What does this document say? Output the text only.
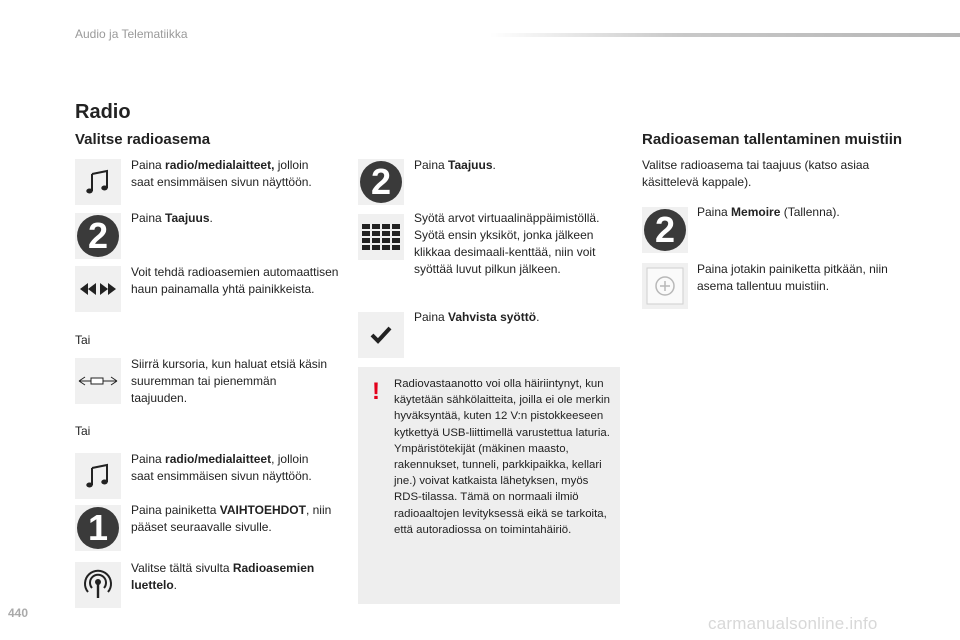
Audio ja Telematiikka
Radio
Valitse radioasema
Paina radio/medialaitteet, jolloin saat ensimmäisen sivun näyttöön.
2 Paina Taajuus.
Voit tehdä radioasemien automaattisen haun painamalla yhtä painikkeista.
Tai
Siirrä kursoria, kun haluat etsiä käsin suuremman tai pienemmän taajuuden.
Tai
Paina radio/medialaitteet, jolloin saat ensimmäisen sivun näyttöön.
1 Paina painiketta VAIHTOEHDOT, niin pääset seuraavalle sivulle.
Valitse tältä sivulta Radioasemien luettelo.
2 Paina Taajuus.
Syötä arvot virtuaalinäppäimistöllä. Syötä ensin yksiköt, jonka jälkeen klikkaa desimaali-kenttää, niin voit syöttää luvut pilkun jälkeen.
Paina Vahvista syöttö.
! Radiovastaanotto voi olla häiriintynyt, kun käytetään sähkölaitteita, joilla ei ole merkin hyväksyntää, kuten 12 V:n pistokkeeseen kytkettyä USB-liittimellä varustettua laturia.
Ympäristötekijät (mäkinen maasto, rakennukset, tunneli, parkkipaikka, kellari jne.) voivat katkaista lähetyksen, myös RDS-tilassa. Tämä on normaali ilmiö radioaaltojen levityksessä eikä se tarkoita, että autoradiossa on toimintahäiriö.
Radioaseman tallentaminen muistiin
Valitse radioasema tai taajuus (katso asiaa käsittelevä kappale).
2 Paina Memoire (Tallenna).
Paina jotakin painiketta pitkään, niin asema tallentuu muistiin.
440
carmanualsonline.info
